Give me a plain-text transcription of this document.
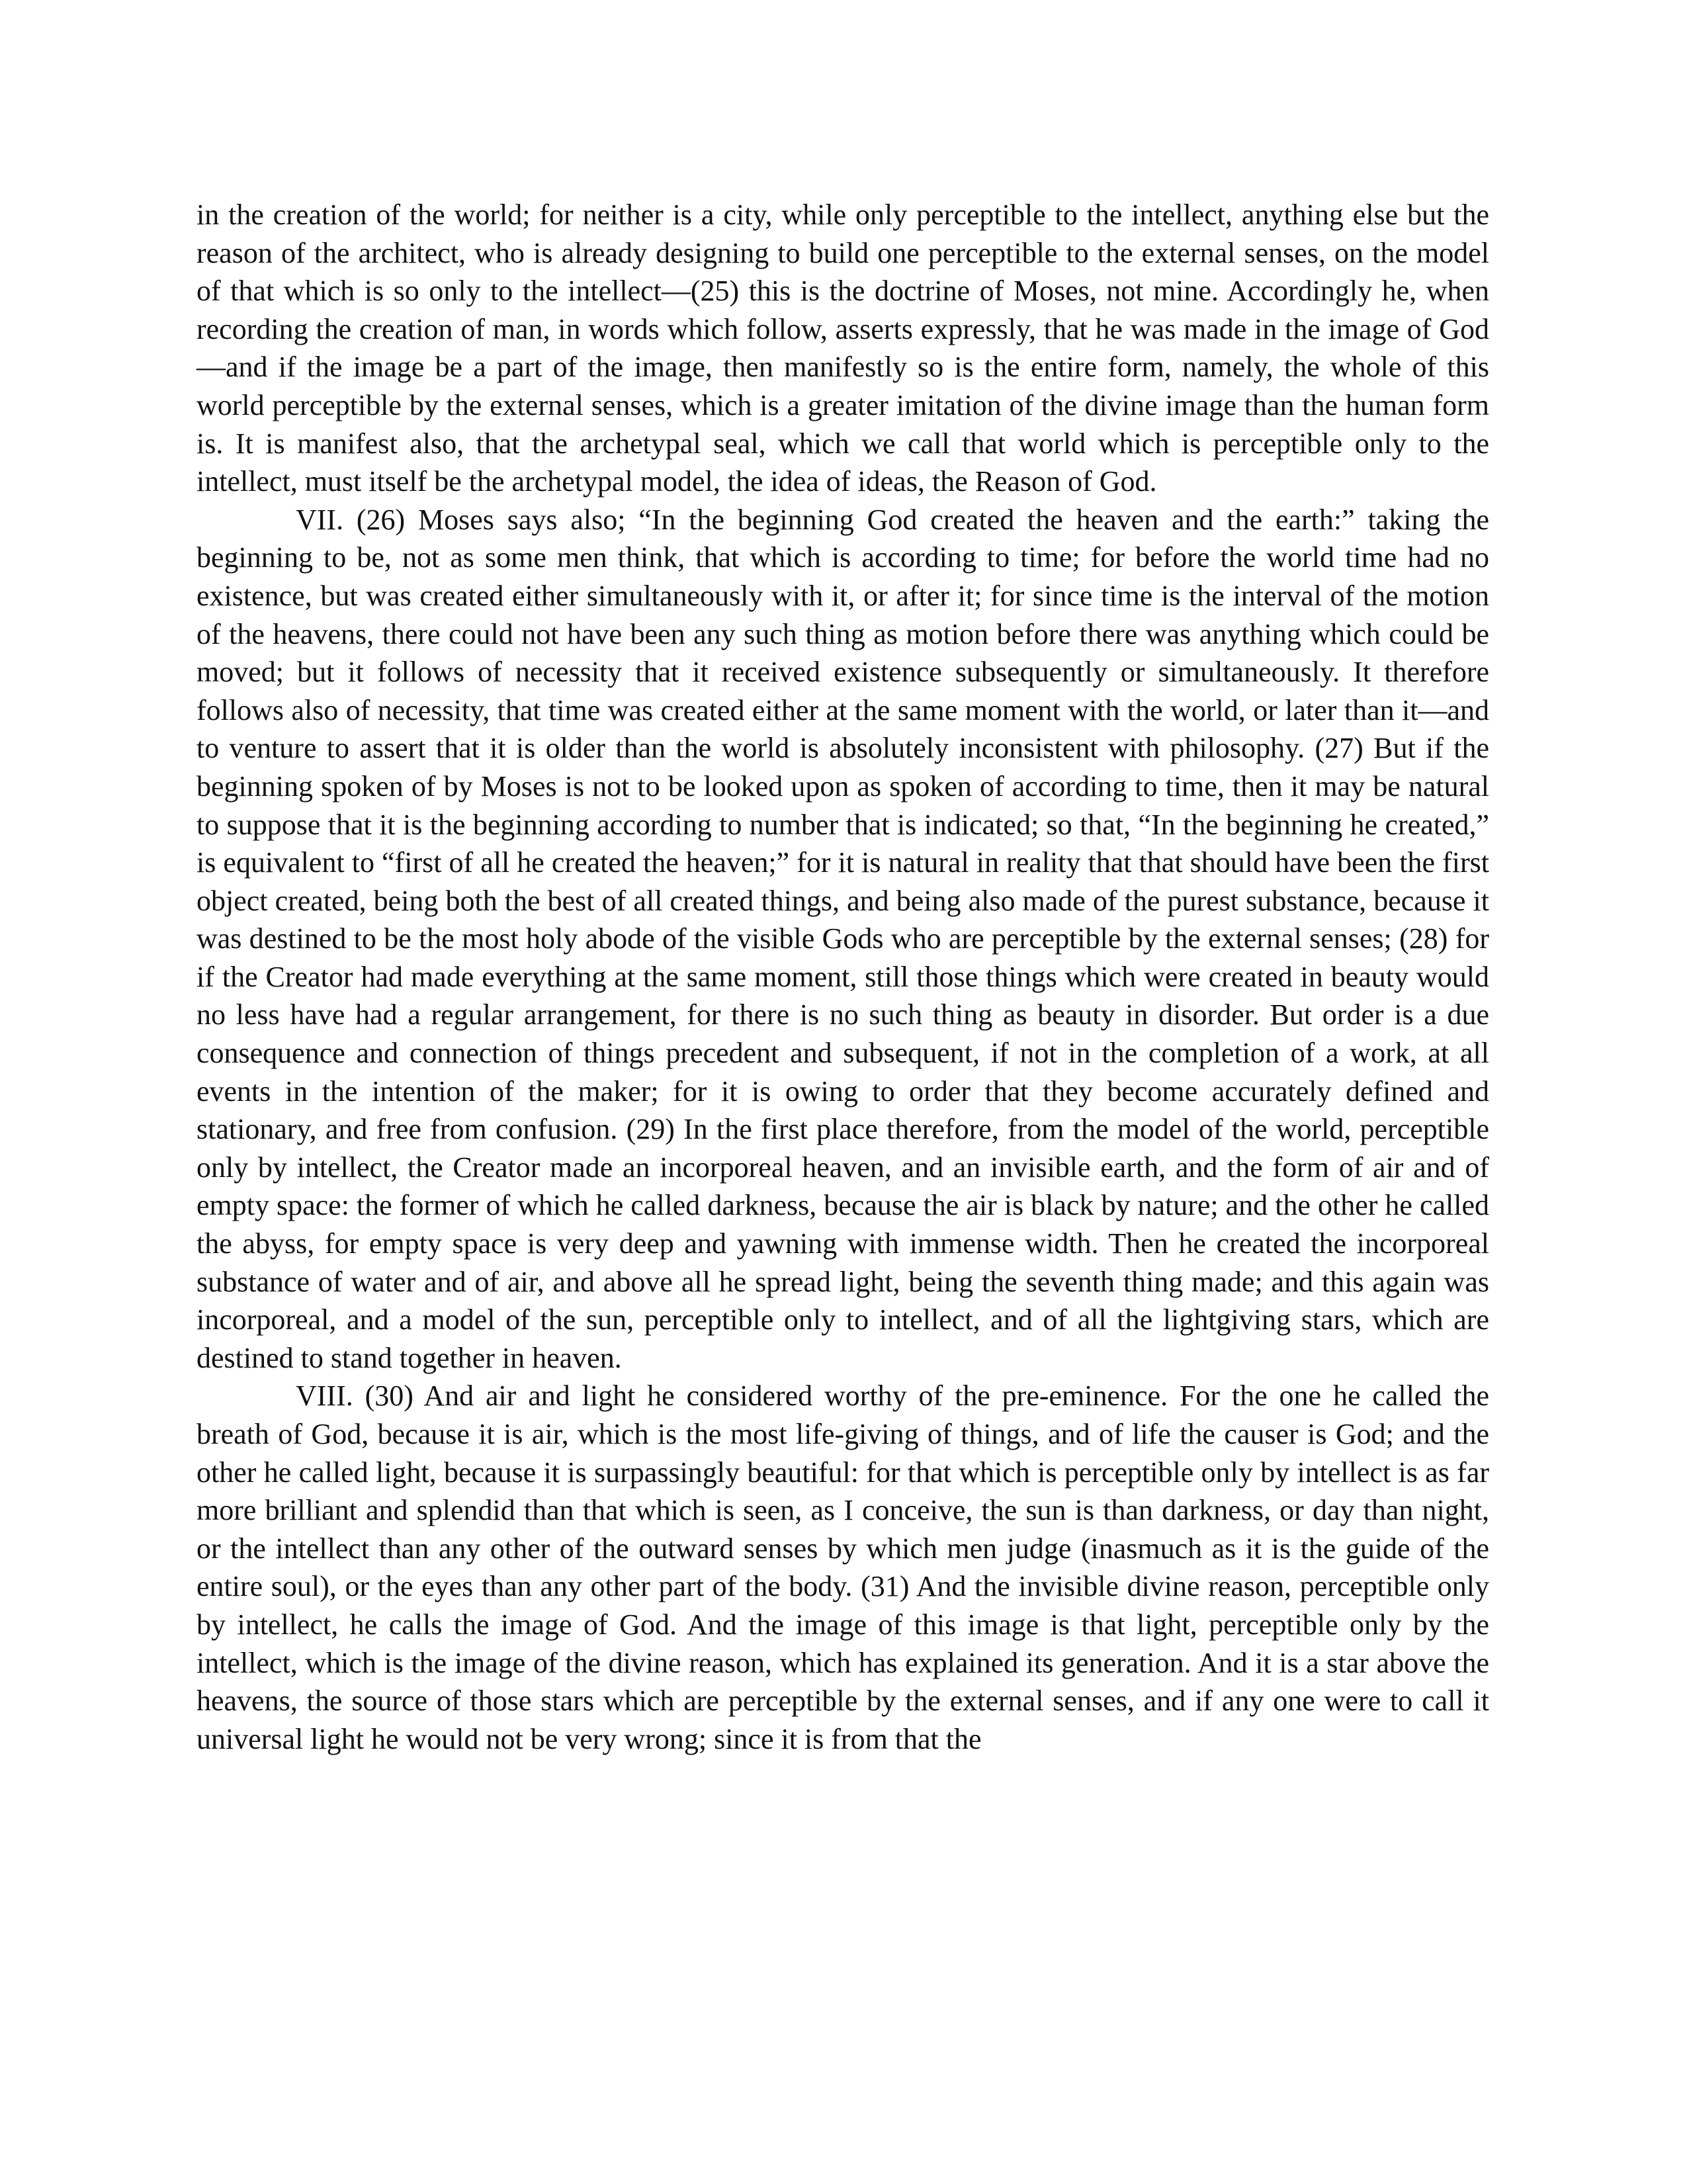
in the creation of the world; for neither is a city, while only perceptible to the intellect, anything else but the reason of the architect, who is already designing to build one perceptible to the external senses, on the model of that which is so only to the intellect—(25) this is the doctrine of Moses, not mine. Accordingly he, when recording the creation of man, in words which follow, asserts expressly, that he was made in the image of God—and if the image be a part of the image, then manifestly so is the entire form, namely, the whole of this world perceptible by the external senses, which is a greater imitation of the divine image than the human form is. It is manifest also, that the archetypal seal, which we call that world which is perceptible only to the intellect, must itself be the archetypal model, the idea of ideas, the Reason of God.

VII. (26) Moses says also; “In the beginning God created the heaven and the earth:” taking the beginning to be, not as some men think, that which is according to time; for before the world time had no existence, but was created either simultaneously with it, or after it; for since time is the interval of the motion of the heavens, there could not have been any such thing as motion before there was anything which could be moved; but it follows of necessity that it received existence subsequently or simultaneously. It therefore follows also of necessity, that time was created either at the same moment with the world, or later than it—and to venture to assert that it is older than the world is absolutely inconsistent with philosophy. (27) But if the beginning spoken of by Moses is not to be looked upon as spoken of according to time, then it may be natural to suppose that it is the beginning according to number that is indicated; so that, “In the beginning he created,” is equivalent to “first of all he created the heaven;” for it is natural in reality that that should have been the first object created, being both the best of all created things, and being also made of the purest substance, because it was destined to be the most holy abode of the visible Gods who are perceptible by the external senses; (28) for if the Creator had made everything at the same moment, still those things which were created in beauty would no less have had a regular arrangement, for there is no such thing as beauty in disorder. But order is a due consequence and connection of things precedent and subsequent, if not in the completion of a work, at all events in the intention of the maker; for it is owing to order that they become accurately defined and stationary, and free from confusion. (29) In the first place therefore, from the model of the world, perceptible only by intellect, the Creator made an incorporeal heaven, and an invisible earth, and the form of air and of empty space: the former of which he called darkness, because the air is black by nature; and the other he called the abyss, for empty space is very deep and yawning with immense width. Then he created the incorporeal substance of water and of air, and above all he spread light, being the seventh thing made; and this again was incorporeal, and a model of the sun, perceptible only to intellect, and of all the lightgiving stars, which are destined to stand together in heaven.

VIII. (30) And air and light he considered worthy of the pre-eminence. For the one he called the breath of God, because it is air, which is the most life-giving of things, and of life the causer is God; and the other he called light, because it is surpassingly beautiful: for that which is perceptible only by intellect is as far more brilliant and splendid than that which is seen, as I conceive, the sun is than darkness, or day than night, or the intellect than any other of the outward senses by which men judge (inasmuch as it is the guide of the entire soul), or the eyes than any other part of the body. (31) And the invisible divine reason, perceptible only by intellect, he calls the image of God. And the image of this image is that light, perceptible only by the intellect, which is the image of the divine reason, which has explained its generation. And it is a star above the heavens, the source of those stars which are perceptible by the external senses, and if any one were to call it universal light he would not be very wrong; since it is from that the
